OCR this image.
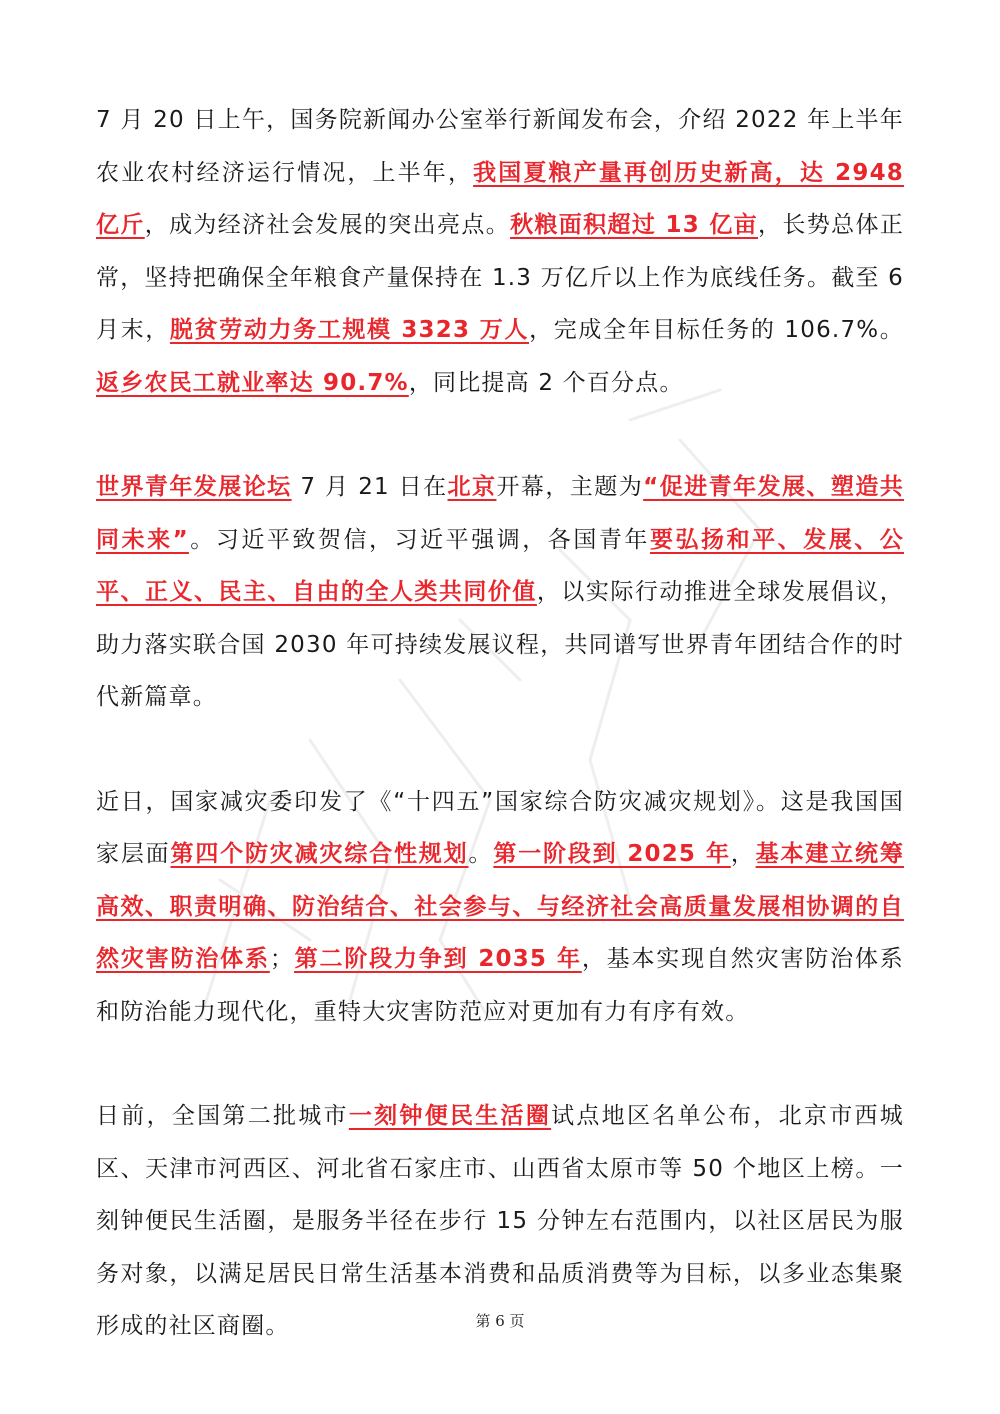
7 月 20 日上午，国务院新闻办公室举行新闻发布会，介绍 2022 年上半年农业农村经济运行情况，上半年，我国夏粮产量再创历史新高，达 2948 亿斤，成为经济社会发展的突出亮点。秋粮面积超过 13 亿亩，长势总体正常，坚持把确保全年粮食产量保持在 1.3 万亿斤以上作为底线任务。截至 6 月末，脱贫劳动力务工规模 3323 万人，完成全年目标任务的 106.7%。返乡农民工就业率达 90.7%，同比提高 2 个百分点。

世界青年发展论坛 7 月 21 日在北京开幕，主题为“促进青年发展、塑造共同未来”。习近平致贺信，习近平强调，各国青年要弘扬和平、发展、公平、正义、民主、自由的全人类共同价值，以实际行动推进全球发展倡议，助力落实联合国 2030 年可持续发展议程，共同谱写世界青年团结合作的时代新篇章。

近日，国家减灾委印发了《“十四五”国家综合防灾减灾规划》。这是我国国家层面第四个防灾减灾综合性规划。第一阶段到 2025 年，基本建立统筹高效、职责明确、防治结合、社会参与、与经济社会高质量发展相协调的自然灾害防治体系；第二阶段力争到 2035 年，基本实现自然灾害防治体系和防治能力现代化，重特大灾害防范应对更加有力有序有效。

日前，全国第二批城市一刻钟便民生活圈试点地区名单公布，北京市西城区、天津市河西区、河北省石家庄市、山西省太原市等 50 个地区上榜。一刻钟便民生活圈，是服务半径在步行 15 分钟左右范围内，以社区居民为服务对象，以满足居民日常生活基本消费和品质消费等为目标，以多业态集聚形成的社区商圈。	第 6 页
